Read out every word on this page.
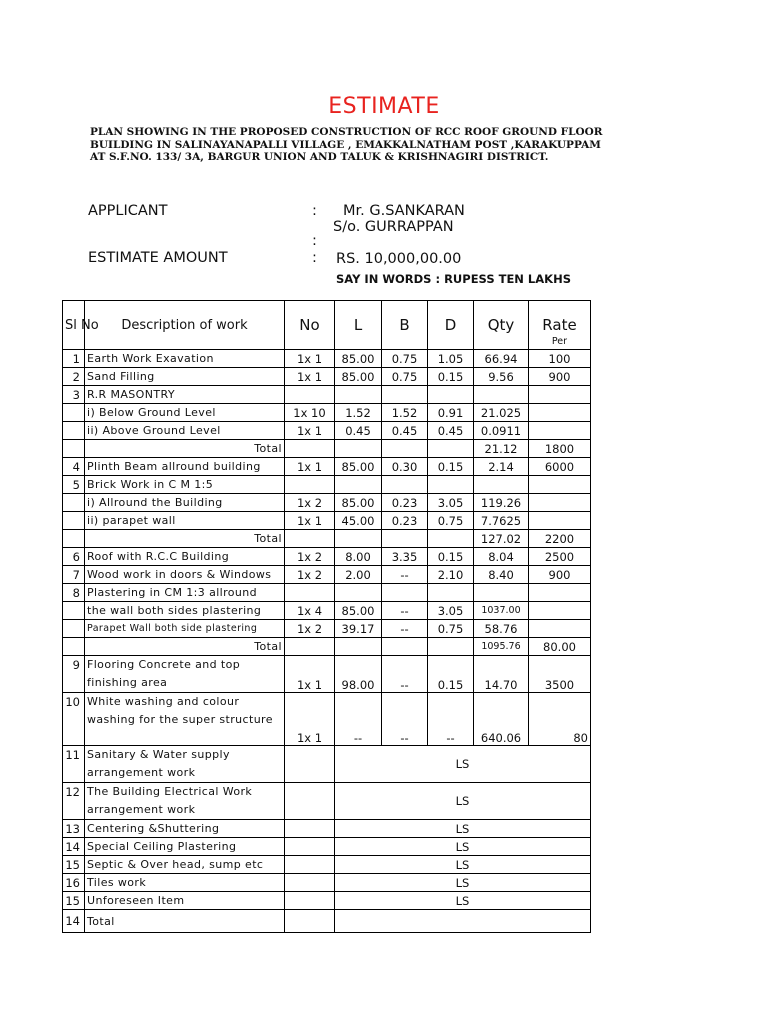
ESTIMATE
PLAN SHOWING IN THE PROPOSED CONSTRUCTION OF RCC ROOF GROUND FLOOR
BUILDING IN SALINAYANAPALLI VILLAGE , EMAKKALNATHAM POST ,KARAKUPPAM
AT S.F.NO. 133/ 3A, BARGUR UNION AND TALUK & KRISHNAGIRI DISTRICT.
APPLICANT	: Mr. G.SANKARAN
S/o. GURRAPPAN
:
ESTIMATE AMOUNT	: RS. 10,000,00.00
SAY IN WORDS : RUPESS TEN LAKHS
Sl No	Description of work	No	L	B	D	Qty	Rate
Per

1	Earth Work Exavation	1x 1	85.00	0.75	1.05	66.94	100
2	Sand Filling	1x 1	85.00	0.75	0.15	9.56	900
3	R.R MASONTRY						
	i) Below Ground Level	1x 10	1.52	1.52	0.91	21.025	
	ii) Above Ground Level	1x 1	0.45	0.45	0.45	0.0911	
	Total					21.12	1800
4	Plinth Beam allround building	1x 1	85.00	0.30	0.15	2.14	6000
5	Brick Work in C M 1:5						
	i) Allround the Building	1x 2	85.00	0.23	3.05	119.26	
	ii) parapet wall	1x 1	45.00	0.23	0.75	7.7625	
	Total					127.02	2200
6	Roof with R.C.C Building	1x 2	8.00	3.35	0.15	8.04	2500
7	Wood work in doors & Windows	1x 2	2.00	--	2.10	8.40	900
8	Plastering in CM 1:3 allround						
	the wall both sides plastering	1x 4	85.00	--	3.05	1037.00	
	Parapet Wall both side plastering	1x 2	39.17	--	0.75	58.76	
	Total					1095.76	80.00
9	Flooring Concrete and top finishing area	1x 1	98.00	--	0.15	14.70	3500
10	White washing and colour washing for the super structure	1x 1	--	--	--	640.06	80
11	Sanitary & Water supply arrangement work		LS				
12	The Building Electrical Work arrangement work		LS				
13	Centering &Shuttering		LS				
14	Special Ceiling Plastering		LS				
15	Septic & Over head, sump etc		LS				
16	Tiles work		LS				
15	Unforeseen Item		LS				
14	Total						
